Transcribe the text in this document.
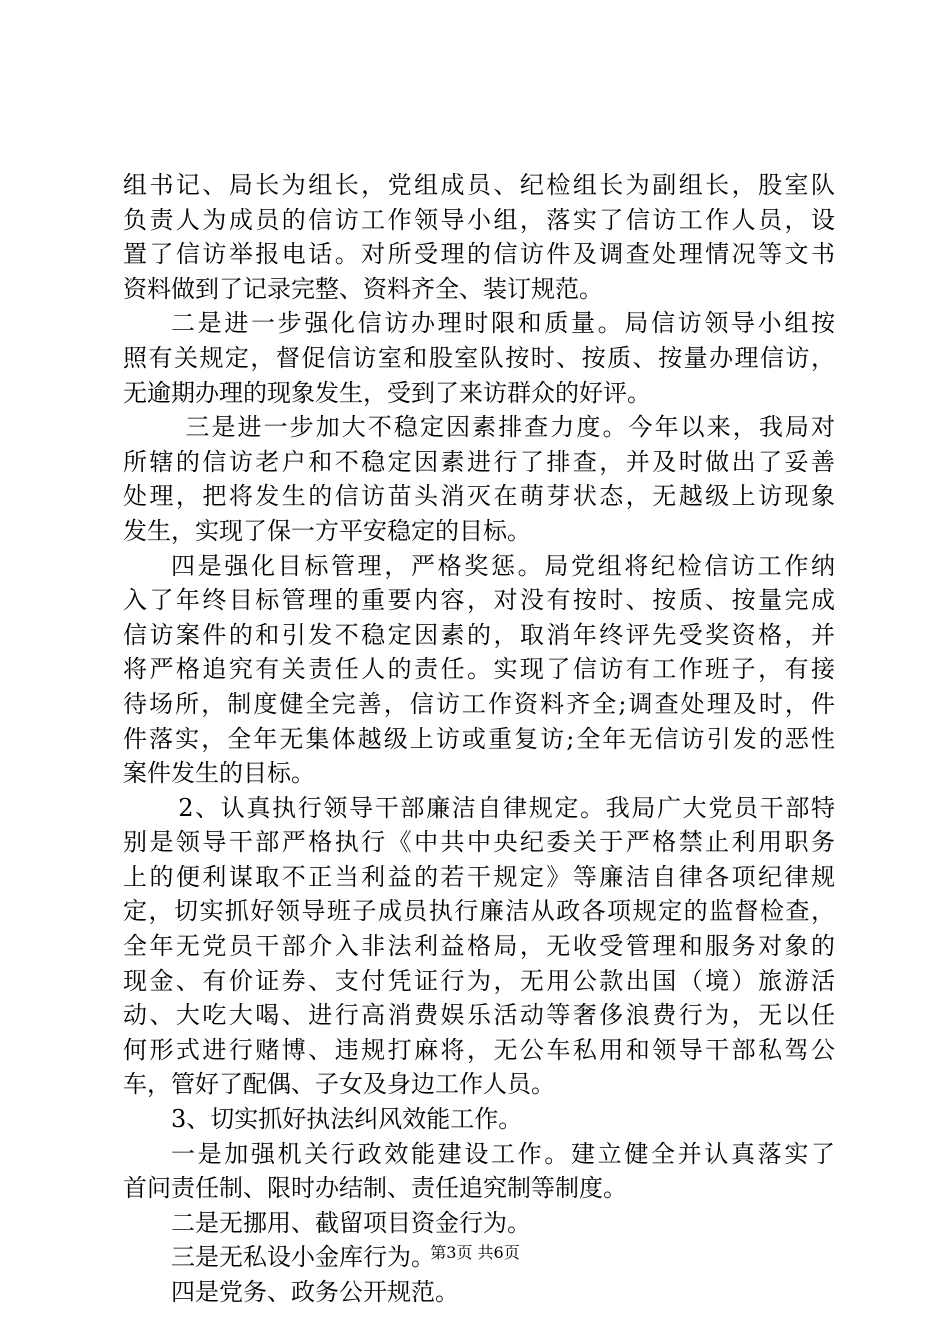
组书记、局长为组长，党组成员、纪检组长为副组长，股室队
负责人为成员的信访工作领导小组，落实了信访工作人员，设
置了信访举报电话。对所受理的信访件及调查处理情况等文书
资料做到了记录完整、资料齐全、装订规范。
二是进一步强化信访办理时限和质量。局信访领导小组按
照有关规定，督促信访室和股室队按时、按质、按量办理信访，
无逾期办理的现象发生，受到了来访群众的好评。
三是进一步加大不稳定因素排查力度。今年以来，我局对
所辖的信访老户和不稳定因素进行了排查，并及时做出了妥善
处理，把将发生的信访苗头消灭在萌芽状态，无越级上访现象
发生，实现了保一方平安稳定的目标。
四是强化目标管理，严格奖惩。局党组将纪检信访工作纳
入了年终目标管理的重要内容，对没有按时、按质、按量完成
信访案件的和引发不稳定因素的，取消年终评先受奖资格，并
将严格追究有关责任人的责任。实现了信访有工作班子，有接
待场所，制度健全完善，信访工作资料齐全;调查处理及时，件
件落实，全年无集体越级上访或重复访;全年无信访引发的恶性
案件发生的目标。
2、认真执行领导干部廉洁自律规定。我局广大党员干部特
别是领导干部严格执行《中共中央纪委关于严格禁止利用职务
上的便利谋取不正当利益的若干规定》等廉洁自律各项纪律规
定，切实抓好领导班子成员执行廉洁从政各项规定的监督检查，
全年无党员干部介入非法利益格局，无收受管理和服务对象的
现金、有价证券、支付凭证行为，无用公款出国（境）旅游活
动、大吃大喝、进行高消费娱乐活动等奢侈浪费行为，无以任
何形式进行赌博、违规打麻将，无公车私用和领导干部私驾公
车，管好了配偶、子女及身边工作人员。
3、切实抓好执法纠风效能工作。
一是加强机关行政效能建设工作。建立健全并认真落实了
首问责任制、限时办结制、责任追究制等制度。
二是无挪用、截留项目资金行为。
三是无私设小金库行为。
四是党务、政务公开规范。
第3页 共6页
